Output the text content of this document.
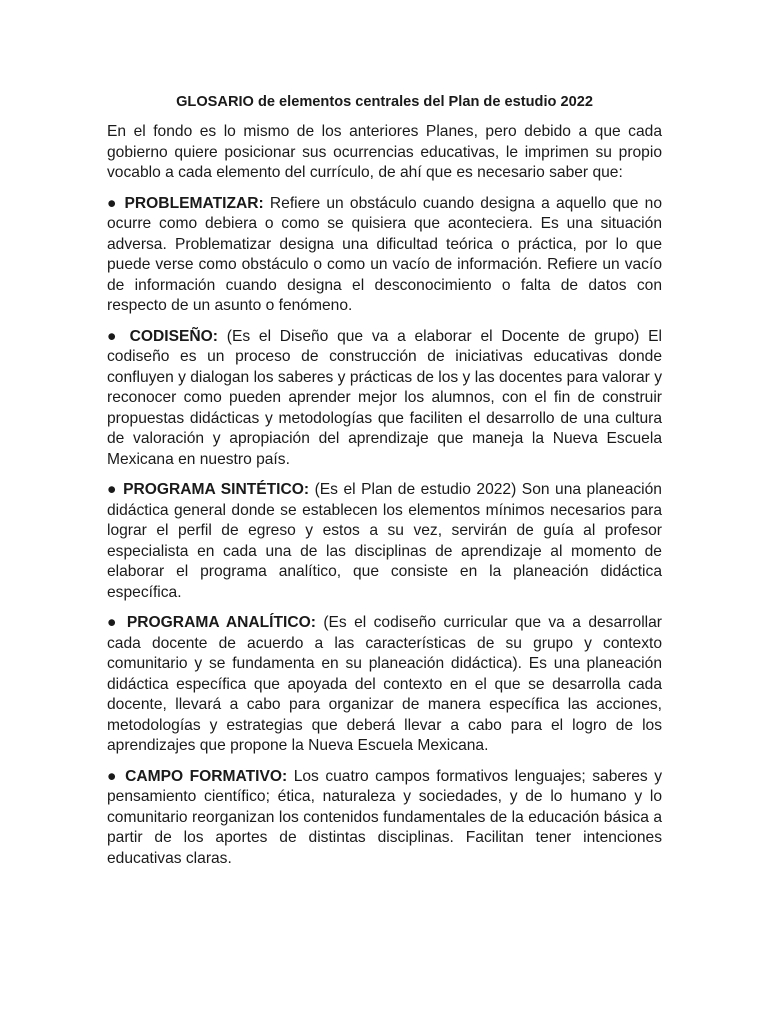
GLOSARIO de elementos centrales del Plan de estudio 2022

En el fondo es lo mismo de los anteriores Planes, pero debido a que cada gobierno quiere posicionar sus ocurrencias educativas, le imprimen su propio vocablo a cada elemento del currículo, de ahí que es necesario saber que:

● PROBLEMATIZAR: Refiere un obstáculo cuando designa a aquello que no ocurre como debiera o como se quisiera que aconteciera. Es una situación adversa. Problematizar designa una dificultad teórica o práctica, por lo que puede verse como obstáculo o como un vacío de información. Refiere un vacío de información cuando designa el desconocimiento o falta de datos con respecto de un asunto o fenómeno.

● CODISEÑO: (Es el Diseño que va a elaborar el Docente de grupo) El codiseño es un proceso de construcción de iniciativas educativas donde confluyen y dialogan los saberes y prácticas de los y las docentes para valorar y reconocer como pueden aprender mejor los alumnos, con el fin de construir propuestas didácticas y metodologías que faciliten el desarrollo de una cultura de valoración y apropiación del aprendizaje que maneja la Nueva Escuela Mexicana en nuestro país.

● PROGRAMA SINTÉTICO: (Es el Plan de estudio 2022) Son una planeación didáctica general donde se establecen los elementos mínimos necesarios para lograr el perfil de egreso y estos a su vez, servirán de guía al profesor especialista en cada una de las disciplinas de aprendizaje al momento de elaborar el programa analítico, que consiste en la planeación didáctica específica.

● PROGRAMA ANALÍTICO: (Es el codiseño curricular que va a desarrollar cada docente de acuerdo a las características de su grupo y contexto comunitario y se fundamenta en su planeación didáctica). Es una planeación didáctica específica que apoyada del contexto en el que se desarrolla cada docente, llevará a cabo para organizar de manera específica las acciones, metodologías y estrategias que deberá llevar a cabo para el logro de los aprendizajes que propone la Nueva Escuela Mexicana.

● CAMPO FORMATIVO: Los cuatro campos formativos lenguajes; saberes y pensamiento científico; ética, naturaleza y sociedades, y de lo humano y lo comunitario reorganizan los contenidos fundamentales de la educación básica a partir de los aportes de distintas disciplinas. Facilitan tener intenciones educativas claras.
